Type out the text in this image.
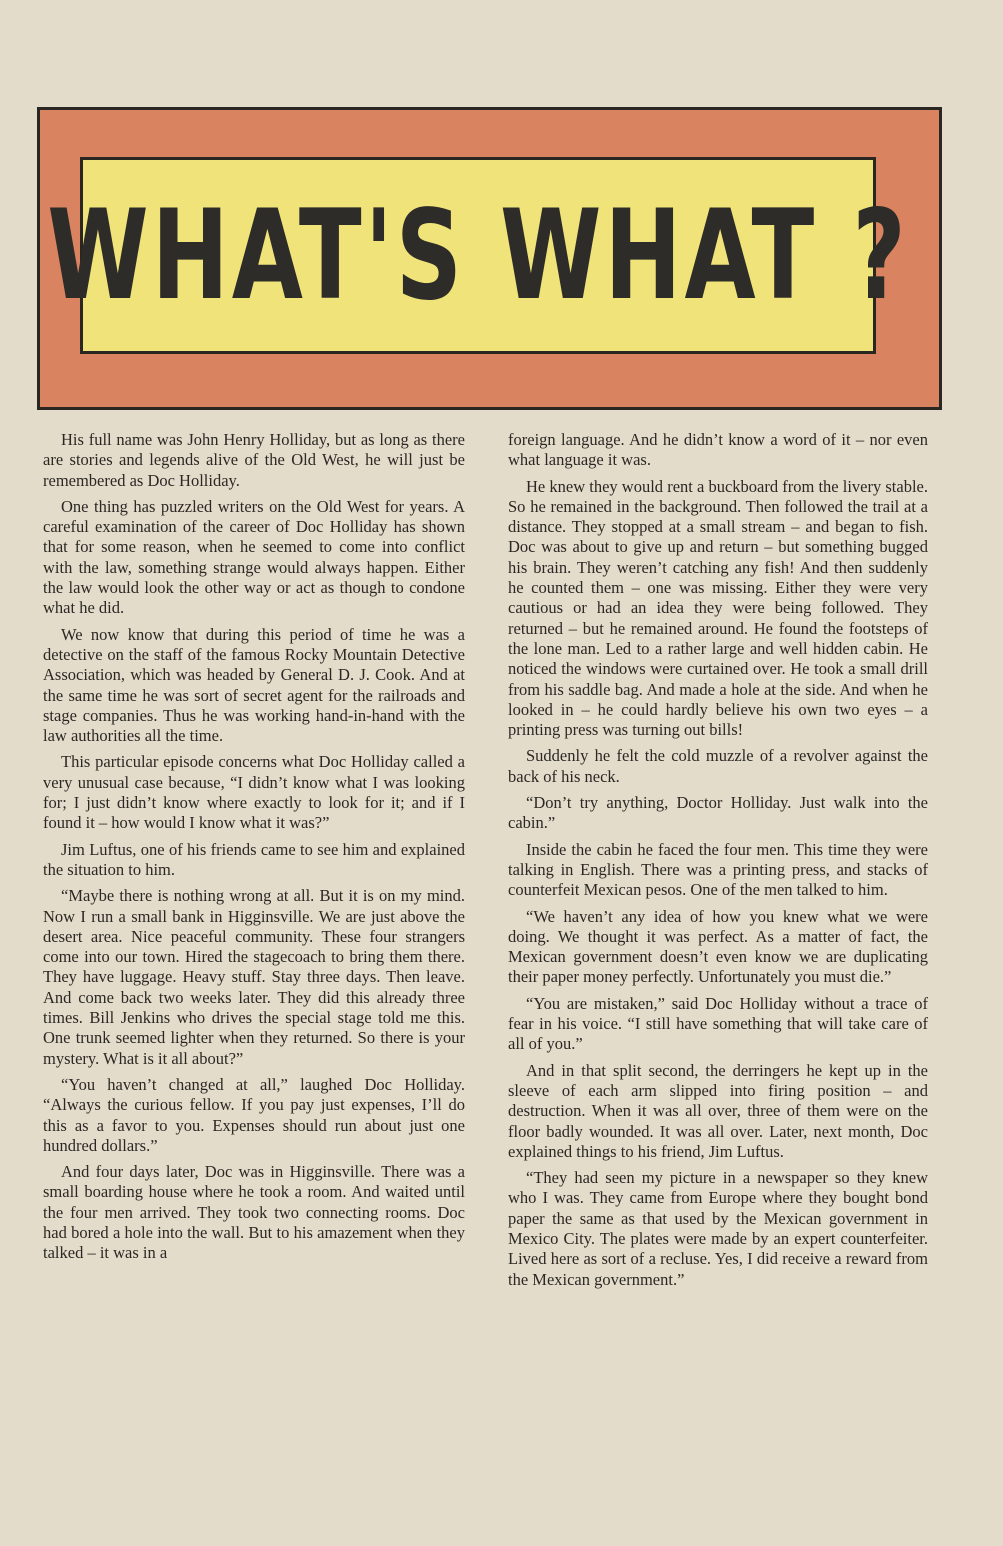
WHAT'S WHAT ?

His full name was John Henry Holliday, but as long as there are stories and legends alive of the Old West, he will just be remembered as Doc Holliday.

One thing has puzzled writers on the Old West for years. A careful examination of the career of Doc Holliday has shown that for some reason, when he seemed to come into conflict with the law, something strange would always happen. Either the law would look the other way or act as though to condone what he did.

We now know that during this period of time he was a detective on the staff of the famous Rocky Mountain Detective Association, which was headed by General D. J. Cook. And at the same time he was sort of secret agent for the railroads and stage companies. Thus he was working hand-in-hand with the law authorities all the time.

This particular episode concerns what Doc Holliday called a very unusual case because, “I didn’t know what I was looking for; I just didn’t know where exactly to look for it; and if I found it – how would I know what it was?”

Jim Luftus, one of his friends came to see him and explained the situation to him.

“Maybe there is nothing wrong at all. But it is on my mind. Now I run a small bank in Higginsville. We are just above the desert area. Nice peaceful community. These four strangers come into our town. Hired the stagecoach to bring them there. They have luggage. Heavy stuff. Stay three days. Then leave. And come back two weeks later. They did this already three times. Bill Jenkins who drives the special stage told me this. One trunk seemed lighter when they returned. So there is your mystery. What is it all about?”

“You haven’t changed at all,” laughed Doc Holliday. “Always the curious fellow. If you pay just expenses, I’ll do this as a favor to you. Expenses should run about just one hundred dollars.”

And four days later, Doc was in Higginsville. There was a small boarding house where he took a room. And waited until the four men arrived. They took two connecting rooms. Doc had bored a hole into the wall. But to his amazement when they talked – it was in a

foreign language. And he didn’t know a word of it – nor even what language it was.

He knew they would rent a buckboard from the livery stable. So he remained in the background. Then followed the trail at a distance. They stopped at a small stream – and began to fish. Doc was about to give up and return – but something bugged his brain. They weren’t catching any fish! And then suddenly he counted them – one was missing. Either they were very cautious or had an idea they were being followed. They returned – but he remained around. He found the footsteps of the lone man. Led to a rather large and well hidden cabin. He noticed the windows were curtained over. He took a small drill from his saddle bag. And made a hole at the side. And when he looked in – he could hardly believe his own two eyes – a printing press was turning out bills!

Suddenly he felt the cold muzzle of a revolver against the back of his neck.

“Don’t try anything, Doctor Holliday. Just walk into the cabin.”

Inside the cabin he faced the four men. This time they were talking in English. There was a printing press, and stacks of counterfeit Mexican pesos. One of the men talked to him.

“We haven’t any idea of how you knew what we were doing. We thought it was perfect. As a matter of fact, the Mexican government doesn’t even know we are duplicating their paper money perfectly. Unfortunately you must die.”

“You are mistaken,” said Doc Holliday without a trace of fear in his voice. “I still have something that will take care of all of you.”

And in that split second, the derringers he kept up in the sleeve of each arm slipped into firing position – and destruction. When it was all over, three of them were on the floor badly wounded. It was all over. Later, next month, Doc explained things to his friend, Jim Luftus.

“They had seen my picture in a newspaper so they knew who I was. They came from Europe where they bought bond paper the same as that used by the Mexican government in Mexico City. The plates were made by an expert counterfeiter. Lived here as sort of a recluse. Yes, I did receive a reward from the Mexican government.”
